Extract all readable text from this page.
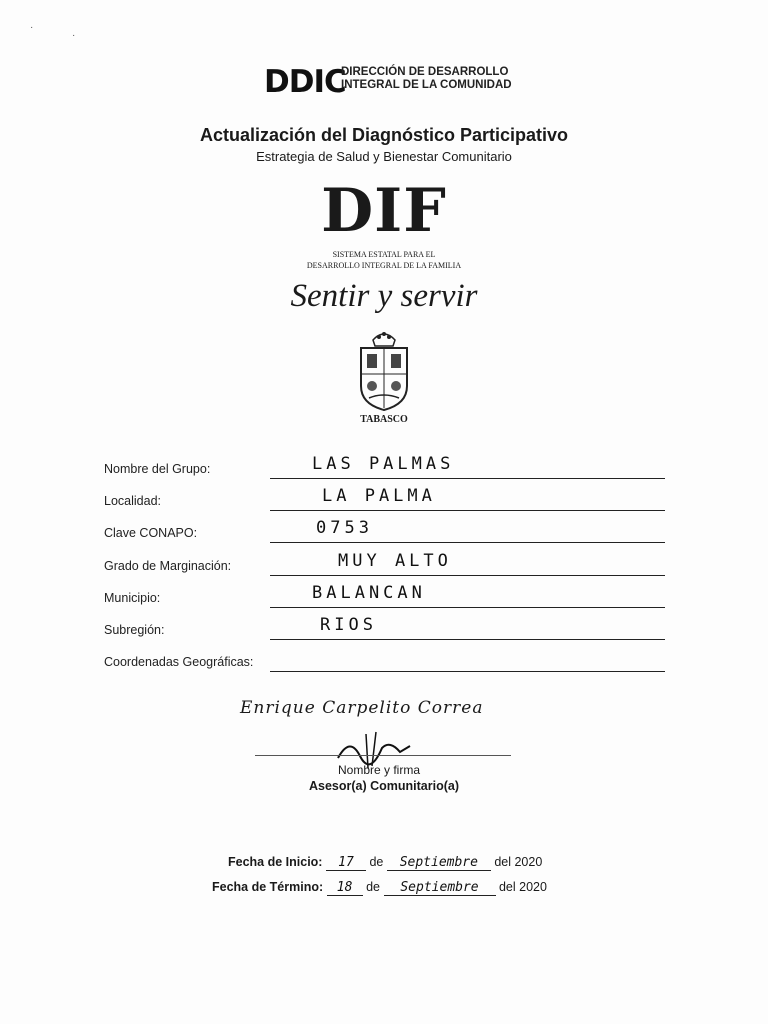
·
·
DDIC
DIRECCIÓN DE DESARROLLO
INTEGRAL DE LA COMUNIDAD
Actualización del Diagnóstico Participativo
Estrategia de Salud y Bienestar Comunitario
DIF
SISTEMA ESTATAL PARA EL
DESARROLLO INTEGRAL DE LA FAMILIA
Sentir y servir
TABASCO
Nombre del Grupo:	LAS PALMAS
Localidad:	LA PALMA
Clave CONAPO:	0753
Grado de Marginación:	MUY ALTO
Municipio:	BALANCAN
Subregión:	RIOS
Coordenadas Geográficas:
Enrique Carpelito Correa
Nombre y firma
Asesor(a) Comunitario(a)
Fecha de Inicio: 17 de Septiembre del 2020
Fecha de Término: 18 de Septiembre del 2020
